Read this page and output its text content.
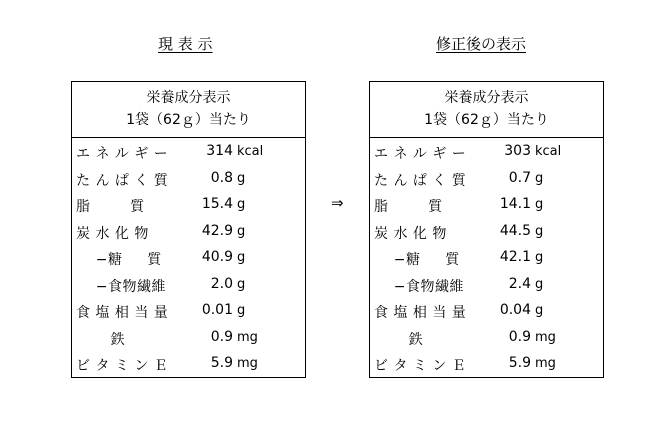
現 表 示	修正後の表示
⇒
栄養成分表示
1袋（62ｇ）当たり
エ ネ ル ギ ー	314 kcal
た ん ぱ く 質	0.8 g
脂        質	15.4 g
炭 水 化 物	42.9 g
−糖     質	40.9 g
−食物繊維	2.0 g
食 塩 相 当 量 0.01 g
鉄	0.9 mg
ビ タ ミ ン Ｅ	5.9 mg
栄養成分表示
1袋（62ｇ）当たり
エ ネ ル ギ ー	303 kcal
た ん ぱ く 質	0.7 g
脂        質	14.1 g
炭 水 化 物	44.5 g
−糖     質	42.1 g
−食物繊維	2.4 g
食 塩 相 当 量 0.04 g
鉄	0.9 mg
ビ タ ミ ン Ｅ	5.9 mg
